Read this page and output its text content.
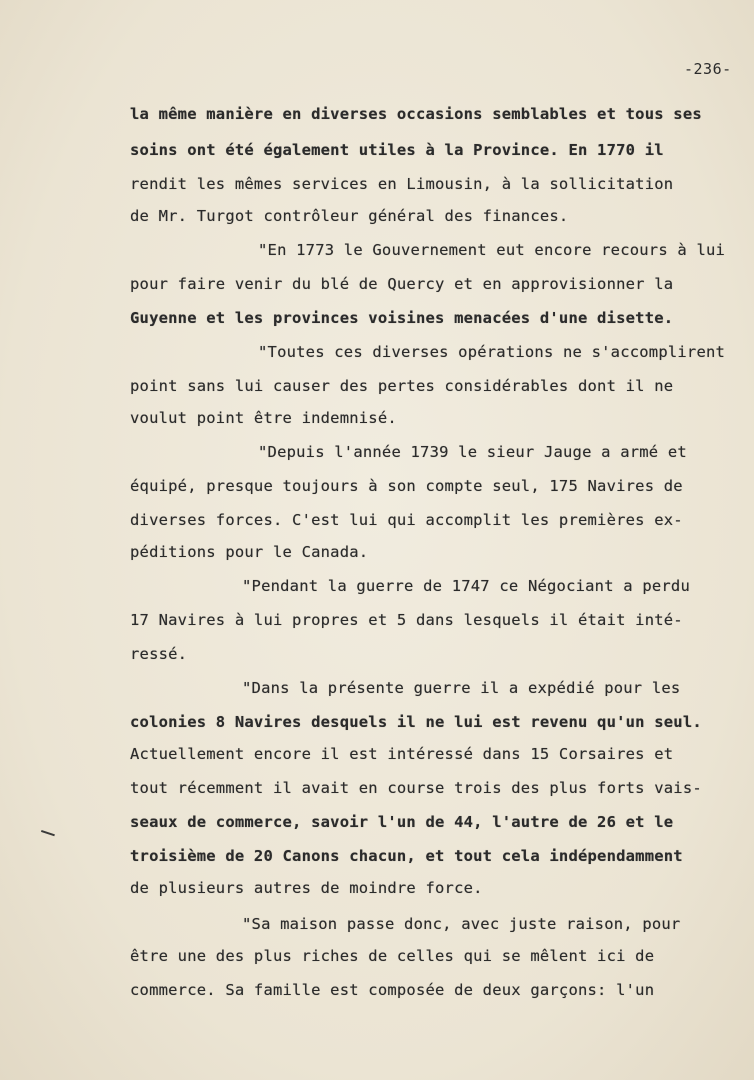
-236-
la même manière en diverses occasions semblables et tous ses
soins ont été également utiles à la Province. En 1770 il
rendit les mêmes services en Limousin, à la sollicitation
de Mr. Turgot contrôleur général des finances.
"En 1773 le Gouvernement eut encore recours à lui
pour faire venir du blé de Quercy et en approvisionner la
Guyenne et les provinces voisines menacées d'une disette.
"Toutes ces diverses opérations ne s'accomplirent
point sans lui causer des pertes considérables dont il ne
voulut point être indemnisé.
"Depuis l'année 1739 le sieur Jauge a armé et
équipé, presque toujours à son compte seul, 175 Navires de
diverses forces. C'est lui qui accomplit les premières ex-
péditions pour le Canada.
"Pendant la guerre de 1747 ce Négociant a perdu
17 Navires à lui propres et 5 dans lesquels il était inté-
ressé.
"Dans la présente guerre il a expédié pour les
colonies 8 Navires desquels il ne lui est revenu qu'un seul.
Actuellement encore il est intéressé dans 15 Corsaires et
tout récemment il avait en course trois des plus forts vais-
seaux de commerce, savoir l'un de 44, l'autre de 26 et le
troisième de 20 Canons chacun, et tout cela indépendamment
de plusieurs autres de moindre force.
"Sa maison passe donc, avec juste raison, pour
être une des plus riches de celles qui se mêlent ici de
commerce. Sa famille est composée de deux garçons: l'un
